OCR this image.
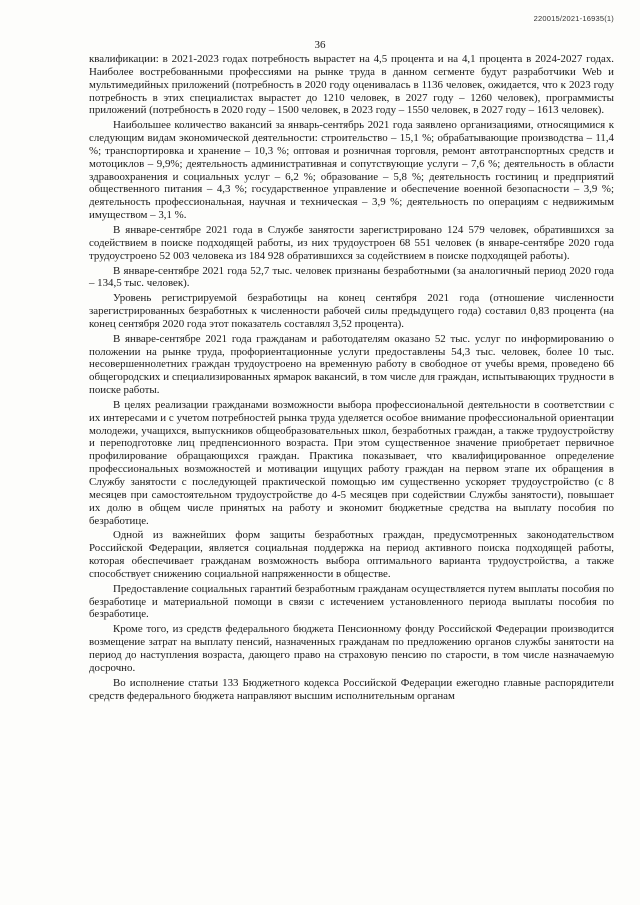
220015/2021-16935(1)
36

квалификации: в 2021-2023 годах потребность вырастет на 4,5 процента и на 4,1 процента в 2024-2027 годах. Наиболее востребованными профессиями на рынке труда в данном сегменте будут разработчики Web и мультимедийных приложений (потребность в 2020 году оценивалась в 1136 человек, ожидается, что к 2023 году потребность в этих специалистах вырастет до 1210 человек, в 2027 году – 1260 человек), программисты приложений (потребность в 2020 году – 1500 человек, в 2023 году – 1550 человек, в 2027 году – 1613 человек).

Наибольшее количество вакансий за январь-сентябрь 2021 года заявлено организациями, относящимися к следующим видам экономической деятельности: строительство – 15,1 %; обрабатывающие производства – 11,4 %; транспортировка и хранение – 10,3 %; оптовая и розничная торговля, ремонт автотранспортных средств и мотоциклов – 9,9%; деятельность административная и сопутствующие услуги – 7,6 %; деятельность в области здравоохранения и социальных услуг – 6,2 %; образование – 5,8 %; деятельность гостиниц и предприятий общественного питания – 4,3 %; государственное управление и обеспечение военной безопасности – 3,9 %; деятельность профессиональная, научная и техническая – 3,9 %; деятельность по операциям с недвижимым имуществом – 3,1 %.

В январе-сентябре 2021 года в Службе занятости зарегистрировано 124 579 человек, обратившихся за содействием в поиске подходящей работы, из них трудоустроен 68 551 человек (в январе-сентябре 2020 года трудоустроено 52 003 человека из 184 928 обратившихся за содействием в поиске подходящей работы).

В январе-сентябре 2021 года 52,7 тыс. человек признаны безработными (за аналогичный период 2020 года – 134,5 тыс. человек).

Уровень регистрируемой безработицы на конец сентября 2021 года (отношение численности зарегистрированных безработных к численности рабочей силы предыдущего года) составил 0,83 процента (на конец сентября 2020 года этот показатель составлял 3,52 процента).

В январе-сентябре 2021 года гражданам и работодателям оказано 52 тыс. услуг по информированию о положении на рынке труда, профориентационные услуги предоставлены 54,3 тыс. человек, более 10 тыс. несовершеннолетних граждан трудоустроено на временную работу в свободное от учебы время, проведено 66 общегородских и специализированных ярмарок вакансий, в том числе для граждан, испытывающих трудности в поиске работы.

В целях реализации гражданами возможности выбора профессиональной деятельности в соответствии с их интересами и с учетом потребностей рынка труда уделяется особое внимание профессиональной ориентации молодежи, учащихся, выпускников общеобразовательных школ, безработных граждан, а также трудоустройству и переподготовке лиц предпенсионного возраста. При этом существенное значение приобретает первичное профилирование обращающихся граждан. Практика показывает, что квалифицированное определение профессиональных возможностей и мотивации ищущих работу граждан на первом этапе их обращения в Службу занятости с последующей практической помощью им существенно ускоряет трудоустройство (с 8 месяцев при самостоятельном трудоустройстве до 4-5 месяцев при содействии Службы занятости), повышает их долю в общем числе принятых на работу и экономит бюджетные средства на выплату пособия по безработице.

Одной из важнейших форм защиты безработных граждан, предусмотренных законодательством Российской Федерации, является социальная поддержка на период активного поиска подходящей работы, которая обеспечивает гражданам возможность выбора оптимального варианта трудоустройства, а также способствует снижению социальной напряженности в обществе.

Предоставление социальных гарантий безработным гражданам осуществляется путем выплаты пособия по безработице и материальной помощи в связи с истечением установленного периода выплаты пособия по безработице.

Кроме того, из средств федерального бюджета Пенсионному фонду Российской Федерации производится возмещение затрат на выплату пенсий, назначенных гражданам по предложению органов службы занятости на период до наступления возраста, дающего право на страховую пенсию по старости, в том числе назначаемую досрочно.

Во исполнение статьи 133 Бюджетного кодекса Российской Федерации ежегодно главные распорядители средств федерального бюджета направляют высшим исполнительным органам
